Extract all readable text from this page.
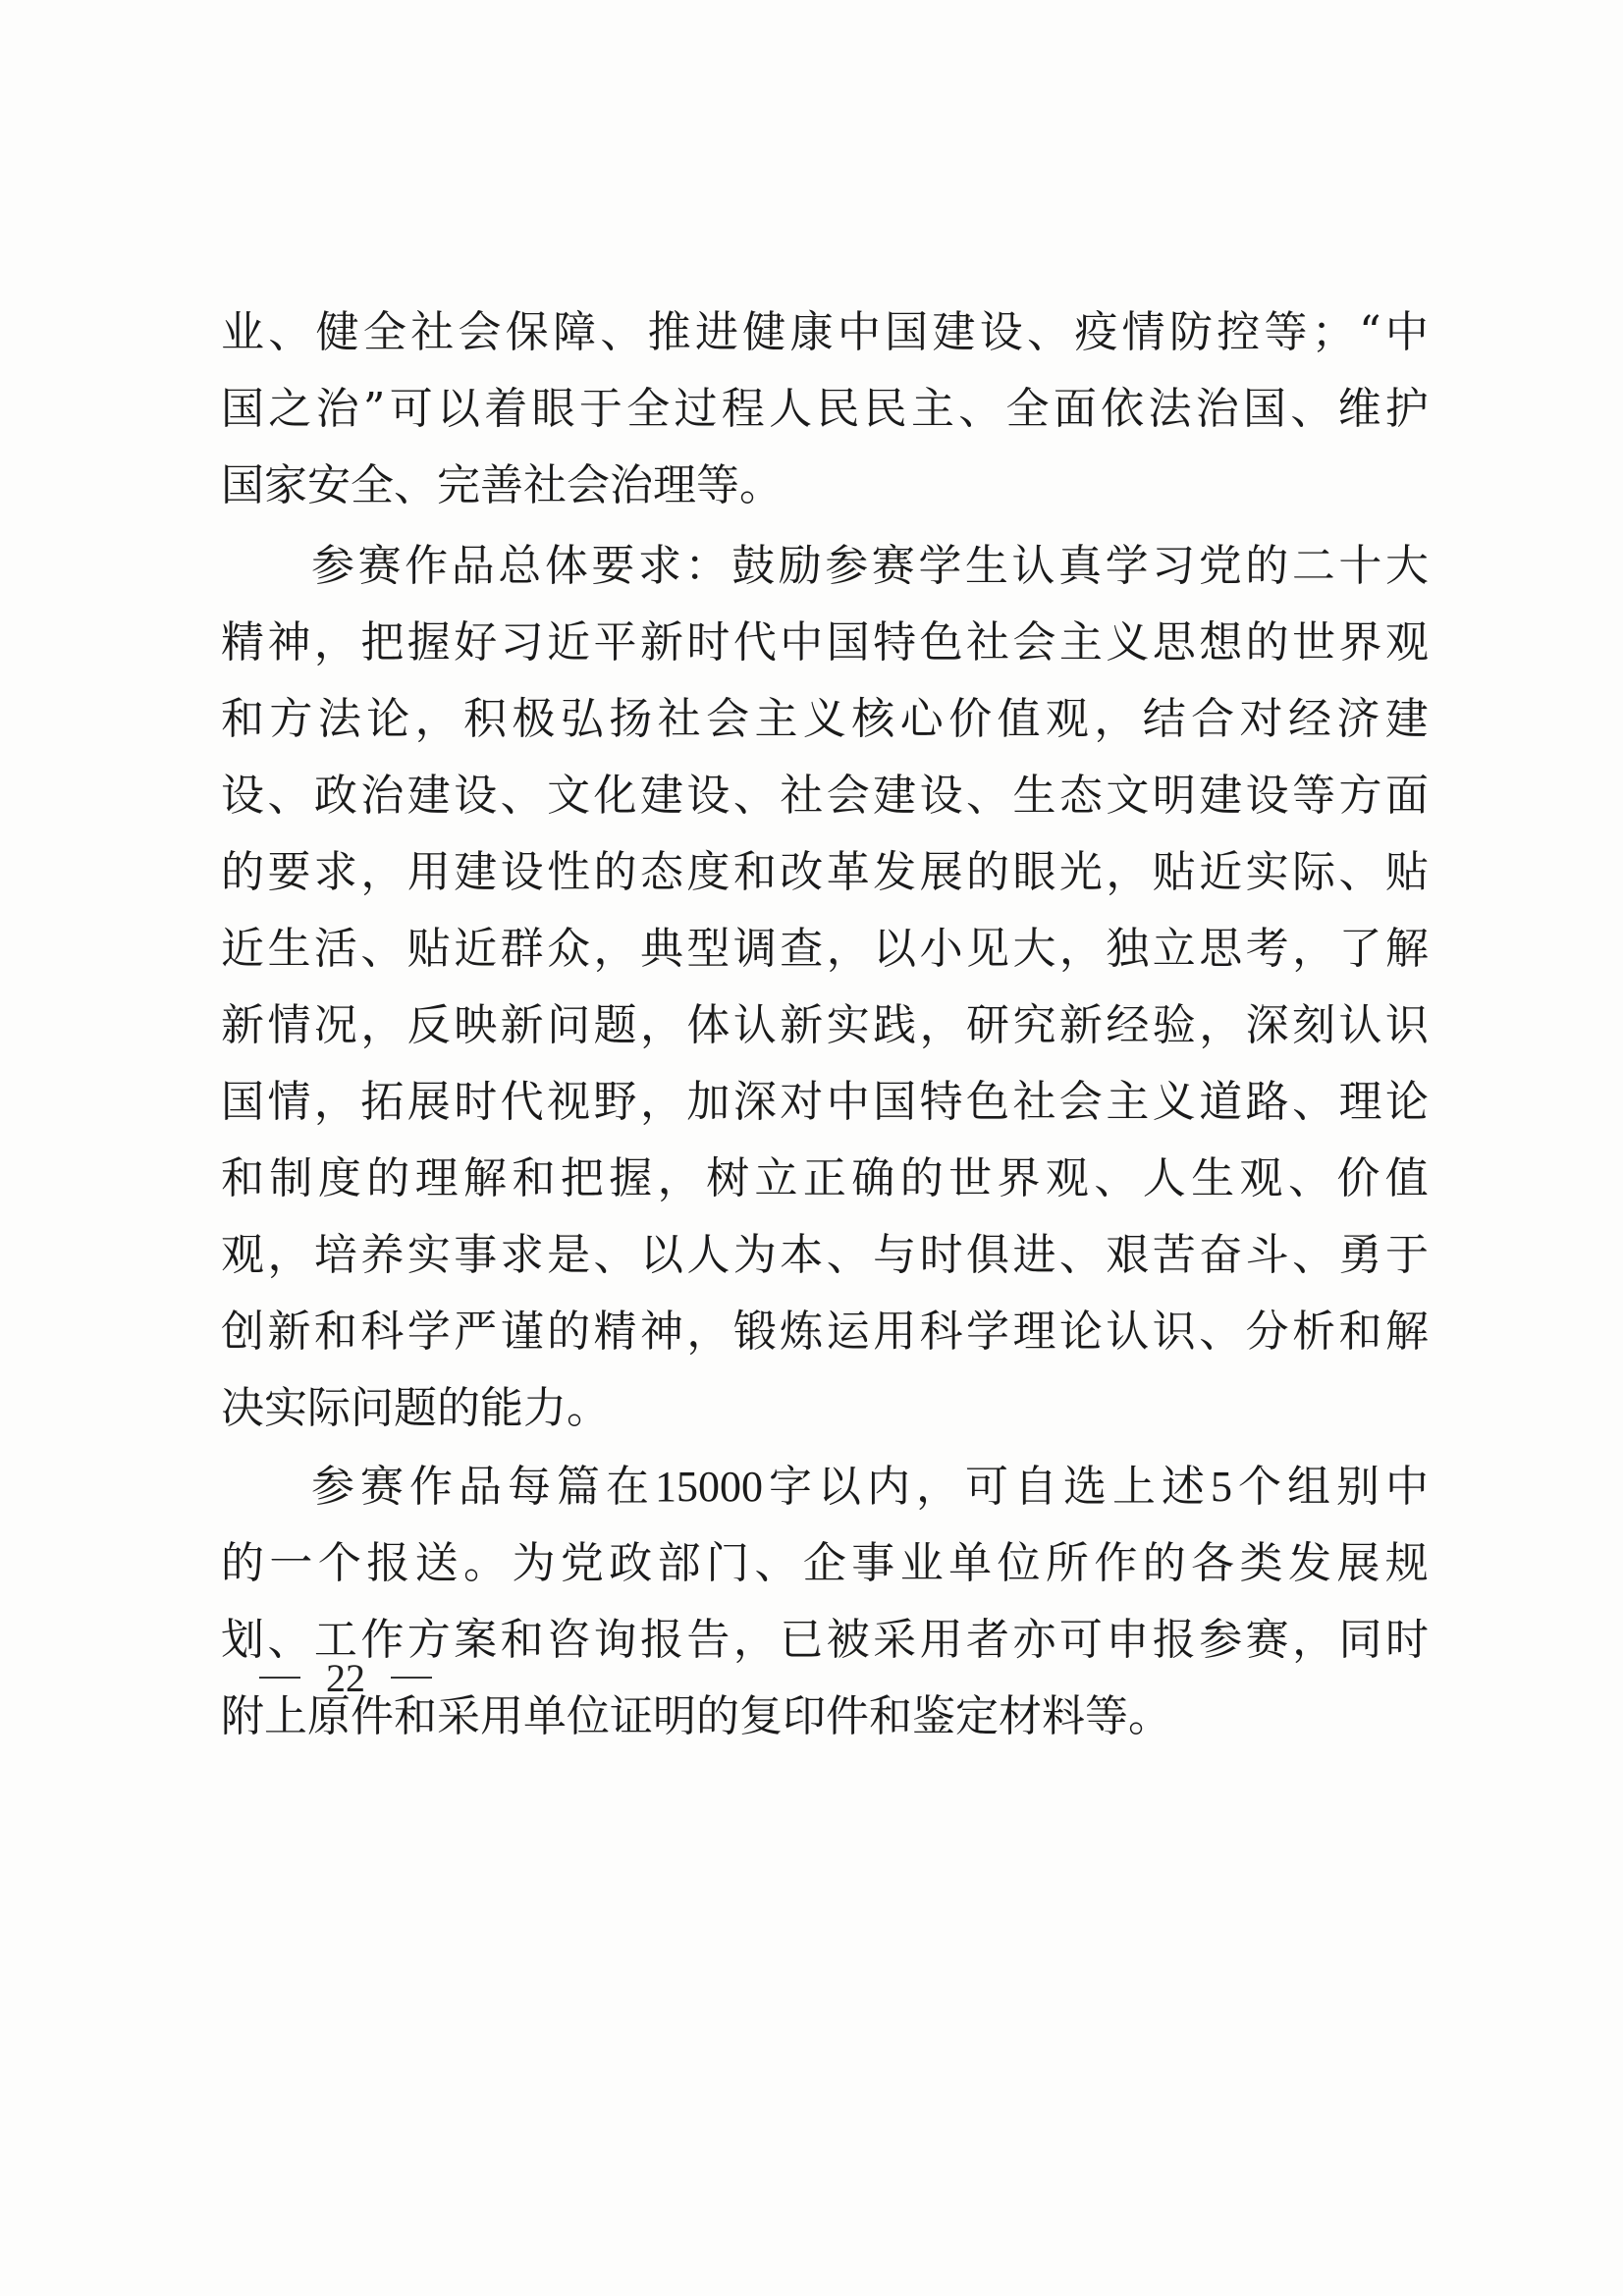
业 、 健 全 社 会 保 障 、 推 进 健 康 中 国 建 设 、 疫 情 防 控 等 ； “ 中
国 之 治 ” 可 以 着 眼 于 全 过 程 人 民 民 主 、 全 面 依 法 治 国 、 维 护
国家安全、完善社会治理等。
参 赛 作 品 总 体 要 求 ： 鼓 励 参 赛 学 生 认 真 学 习 党 的 二 十 大
精 神 ， 把 握 好 习 近 平 新 时 代 中 国 特 色 社 会 主 义 思 想 的 世 界 观
和 方 法 论 ， 积 极 弘 扬 社 会 主 义 核 心 价 值 观 ， 结 合 对 经 济 建
设 、 政 治 建 设 、 文 化 建 设 、 社 会 建 设 、 生 态 文 明 建 设 等 方 面
的 要 求 ， 用 建 设 性 的 态 度 和 改 革 发 展 的 眼 光 ， 贴 近 实 际 、 贴
近 生 活 、 贴 近 群 众 ， 典 型 调 查 ， 以 小 见 大 ， 独 立 思 考 ， 了 解
新 情 况 ， 反 映 新 问 题 ， 体 认 新 实 践 ， 研 究 新 经 验 ， 深 刻 认 识
国 情 ， 拓 展 时 代 视 野 ， 加 深 对 中 国 特 色 社 会 主 义 道 路 、 理 论
和 制 度 的 理 解 和 把 握 ， 树 立 正 确 的 世 界 观 、 人 生 观 、 价 值
观 ， 培 养 实 事 求 是 、 以 人 为 本 、 与 时 俱 进 、 艰 苦 奋 斗 、 勇 于
创 新 和 科 学 严 谨 的 精 神 ， 锻 炼 运 用 科 学 理 论 认 识 、 分 析 和 解
决实际问题的能力。
参 赛 作 品 每 篇 在 15000 字 以 内 ， 可 自 选 上 述 5 个 组 别 中
的 一 个 报 送 。 为 党 政 部 门 、 企 事 业 单 位 所 作 的 各 类 发 展 规
划 、 工 作 方 案 和 咨 询 报 告 ， 已 被 采 用 者 亦 可 申 报 参 赛 ， 同 时
附上原件和采用单位证明的复印件和鉴定材料等。
22
